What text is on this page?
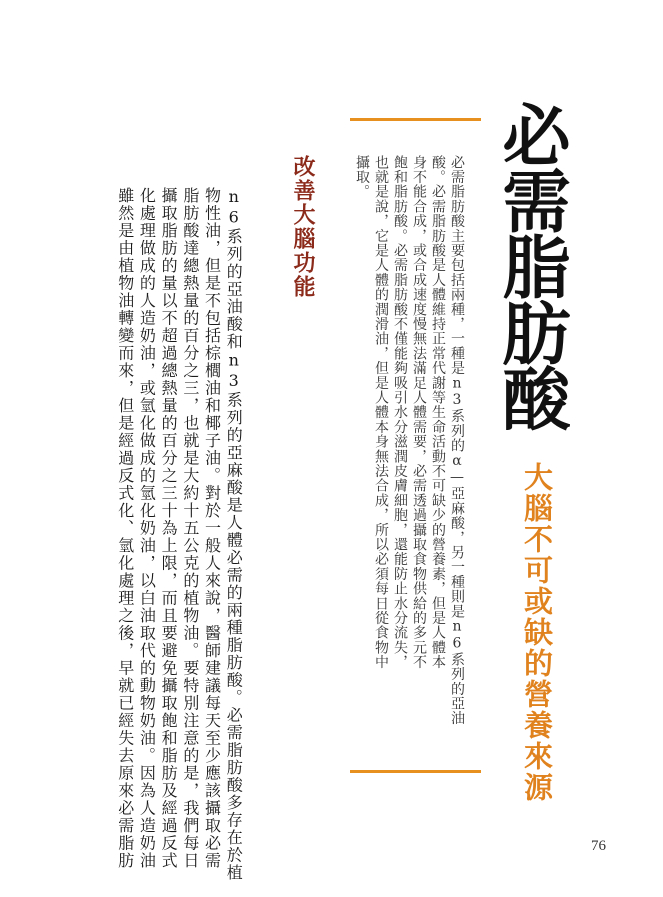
必需脂肪酸
大腦不可或缺的營養來源
必需脂肪酸主要包括兩種，一種是n3系列的α—亞麻酸，另一種則是n6系列的亞油
酸。必需脂肪酸是人體維持正常代謝等生命活動不可缺少的營養素，但是人體本
身不能合成，或合成速度慢無法滿足人體需要，必需透過攝取食物供給的多元不
飽和脂肪酸。必需脂肪酸不僅能夠吸引水分滋潤皮膚細胞，還能防止水分流失，
也就是說，它是人體的潤滑油，但是人體本身無法合成，所以必須每日從食物中
攝取。
改善大腦功能
n6系列的亞油酸和n3系列的亞麻酸是人體必需的兩種脂肪酸。必需脂肪酸多存在於植
物性油，但是不包括棕櫚油和椰子油。對於一般人來說，醫師建議每天至少應該攝取必需
脂肪酸達總熱量的百分之三，也就是大約十五公克的植物油。要特別注意的是，我們每日
攝取脂肪的量以不超過總熱量的百分之三十為上限，而且要避免攝取飽和脂肪及經過反式
化處理做成的人造奶油，或氫化做成的氫化奶油，以白油取代的動物奶油。因為人造奶油
雖然是由植物油轉變而來，但是經過反式化、氫化處理之後，早就已經失去原來必需脂肪	76
